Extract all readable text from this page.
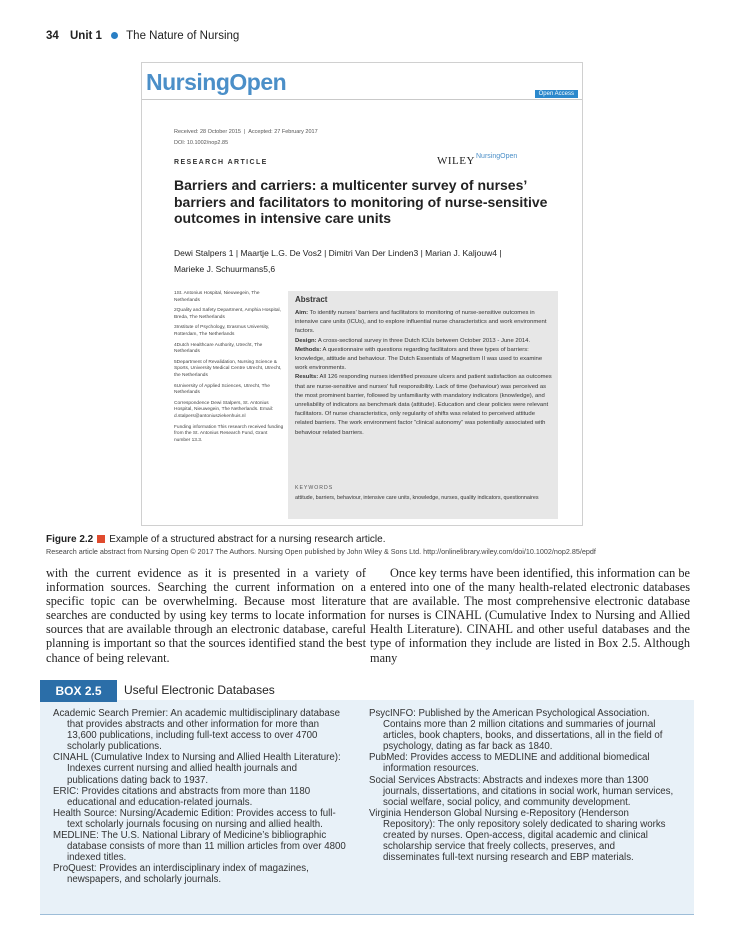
34 Unit 1 The Nature of Nursing
NursingOpen	Open Access
Received: 28 October 2015  |  Accepted: 27 February 2017
DOI: 10.1002/nop2.85
RESEARCH ARTICLE	WILEY NursingOpen
Barriers and carriers: a multicenter survey of nurses’ barriers and facilitators to monitoring of nurse-sensitive outcomes in intensive care units
Dewi Stalpers 1 | Maartje L.G. De Vos2 | Dimitri Van Der Linden3 | Marian J. Kaljouw4 |
Marieke J. Schuurmans5,6

1St. Antonius Hospital, Nieuwegein, The Netherlands

2Quality and Safety Department, Amphia Hospital, Breda, The Netherlands

3Institute of Psychology, Erasmus University, Rotterdam, The Netherlands

4Dutch Healthcare Authority, Utrecht, The Netherlands

5Department of Revalidation, Nursing Science & Sports, University Medical Centre Utrecht, Utrecht, the Netherlands

6University of Applied Sciences, Utrecht, The Netherlands

Correspondence Dewi Stalpers, St. Antonius Hospital, Nieuwegein, The Netherlands. Email: d.stalpers@antoniusziekenhuis.nl

Funding information This research received funding from the St. Antonius Research Fund, Grant number 13.3.

Abstract

Aim: To identify nurses’ barriers and facilitators to monitoring of nurse-sensitive outcomes in intensive care units (ICUs), and to explore influential nurse characteristics and work environment factors.

Design: A cross-sectional survey in three Dutch ICUs between October 2013 - June 2014.

Methods: A questionnaire with questions regarding facilitators and three types of barriers: knowledge, attitude and behaviour. The Dutch Essentials of Magnetism II was used to examine work environments.

Results: All 126 responding nurses identified pressure ulcers and patient satisfaction as outcomes that are nurse-sensitive and nurses’ full responsibility. Lack of time (behaviour) was perceived as the most prominent barrier, followed by unfamiliarity with mandatory indicators (knowledge), and unreliability of indicators as benchmark data (attitude). Education and clear policies were relevant facilitators. Of nurse characteristics, only regularity of shifts was related to perceived attitude related barriers. The work environment factor “clinical autonomy” was potentially associated with behaviour related barriers.

KEYWORDS
attitude, barriers, behaviour, intensive care units, knowledge, nurses, quality indicators, questionnaires
Figure 2.2 Example of a structured abstract for a nursing research article.
Research article abstract from Nursing Open © 2017 The Authors. Nursing Open published by John Wiley & Sons Ltd. http://onlinelibrary.wiley.com/doi/10.1002/nop2.85/epdf

with the current evidence as it is presented in a variety of information sources. Searching the current information on a specific topic can be overwhelming. Because most literature searches are conducted by using key terms to locate information sources that are available through an electronic database, careful planning is important so that the sources identified stand the best chance of being relevant.

Once key terms have been identified, this information can be entered into one of the many health-related electronic databases that are available. The most comprehensive electronic database for nurses is CINAHL (Cumulative Index to Nursing and Allied Health Literature). CINAHL and other useful databases and the type of information they include are listed in Box 2.5. Although many

BOX 2.5	Useful Electronic Databases

Academic Search Premier: An academic multidisciplinary database that provides abstracts and other information for more than 13,600 publications, including full-text access to over 4700 scholarly publications.

CINAHL (Cumulative Index to Nursing and Allied Health Literature): Indexes current nursing and allied health journals and publications dating back to 1937.

ERIC: Provides citations and abstracts from more than 1180 educational and education-related journals.

Health Source: Nursing/Academic Edition: Provides access to full-text scholarly journals focusing on nursing and allied health.

MEDLINE: The U.S. National Library of Medicine’s bibliographic database consists of more than 11 million articles from over 4800 indexed titles.

ProQuest: Provides an interdisciplinary index of magazines, newspapers, and scholarly journals.

PsycINFO: Published by the American Psychological Association. Contains more than 2 million citations and summaries of journal articles, book chapters, books, and dissertations, all in the field of psychology, dating as far back as 1840.

PubMed: Provides access to MEDLINE and additional biomedical information resources.

Social Services Abstracts: Abstracts and indexes more than 1300 journals, dissertations, and citations in social work, human services, social welfare, social policy, and community development.

Virginia Henderson Global Nursing e-Repository (Henderson Repository): The only repository solely dedicated to sharing works created by nurses. Open-access, digital academic and clinical scholarship service that freely collects, preserves, and disseminates full-text nursing research and EBP materials.
